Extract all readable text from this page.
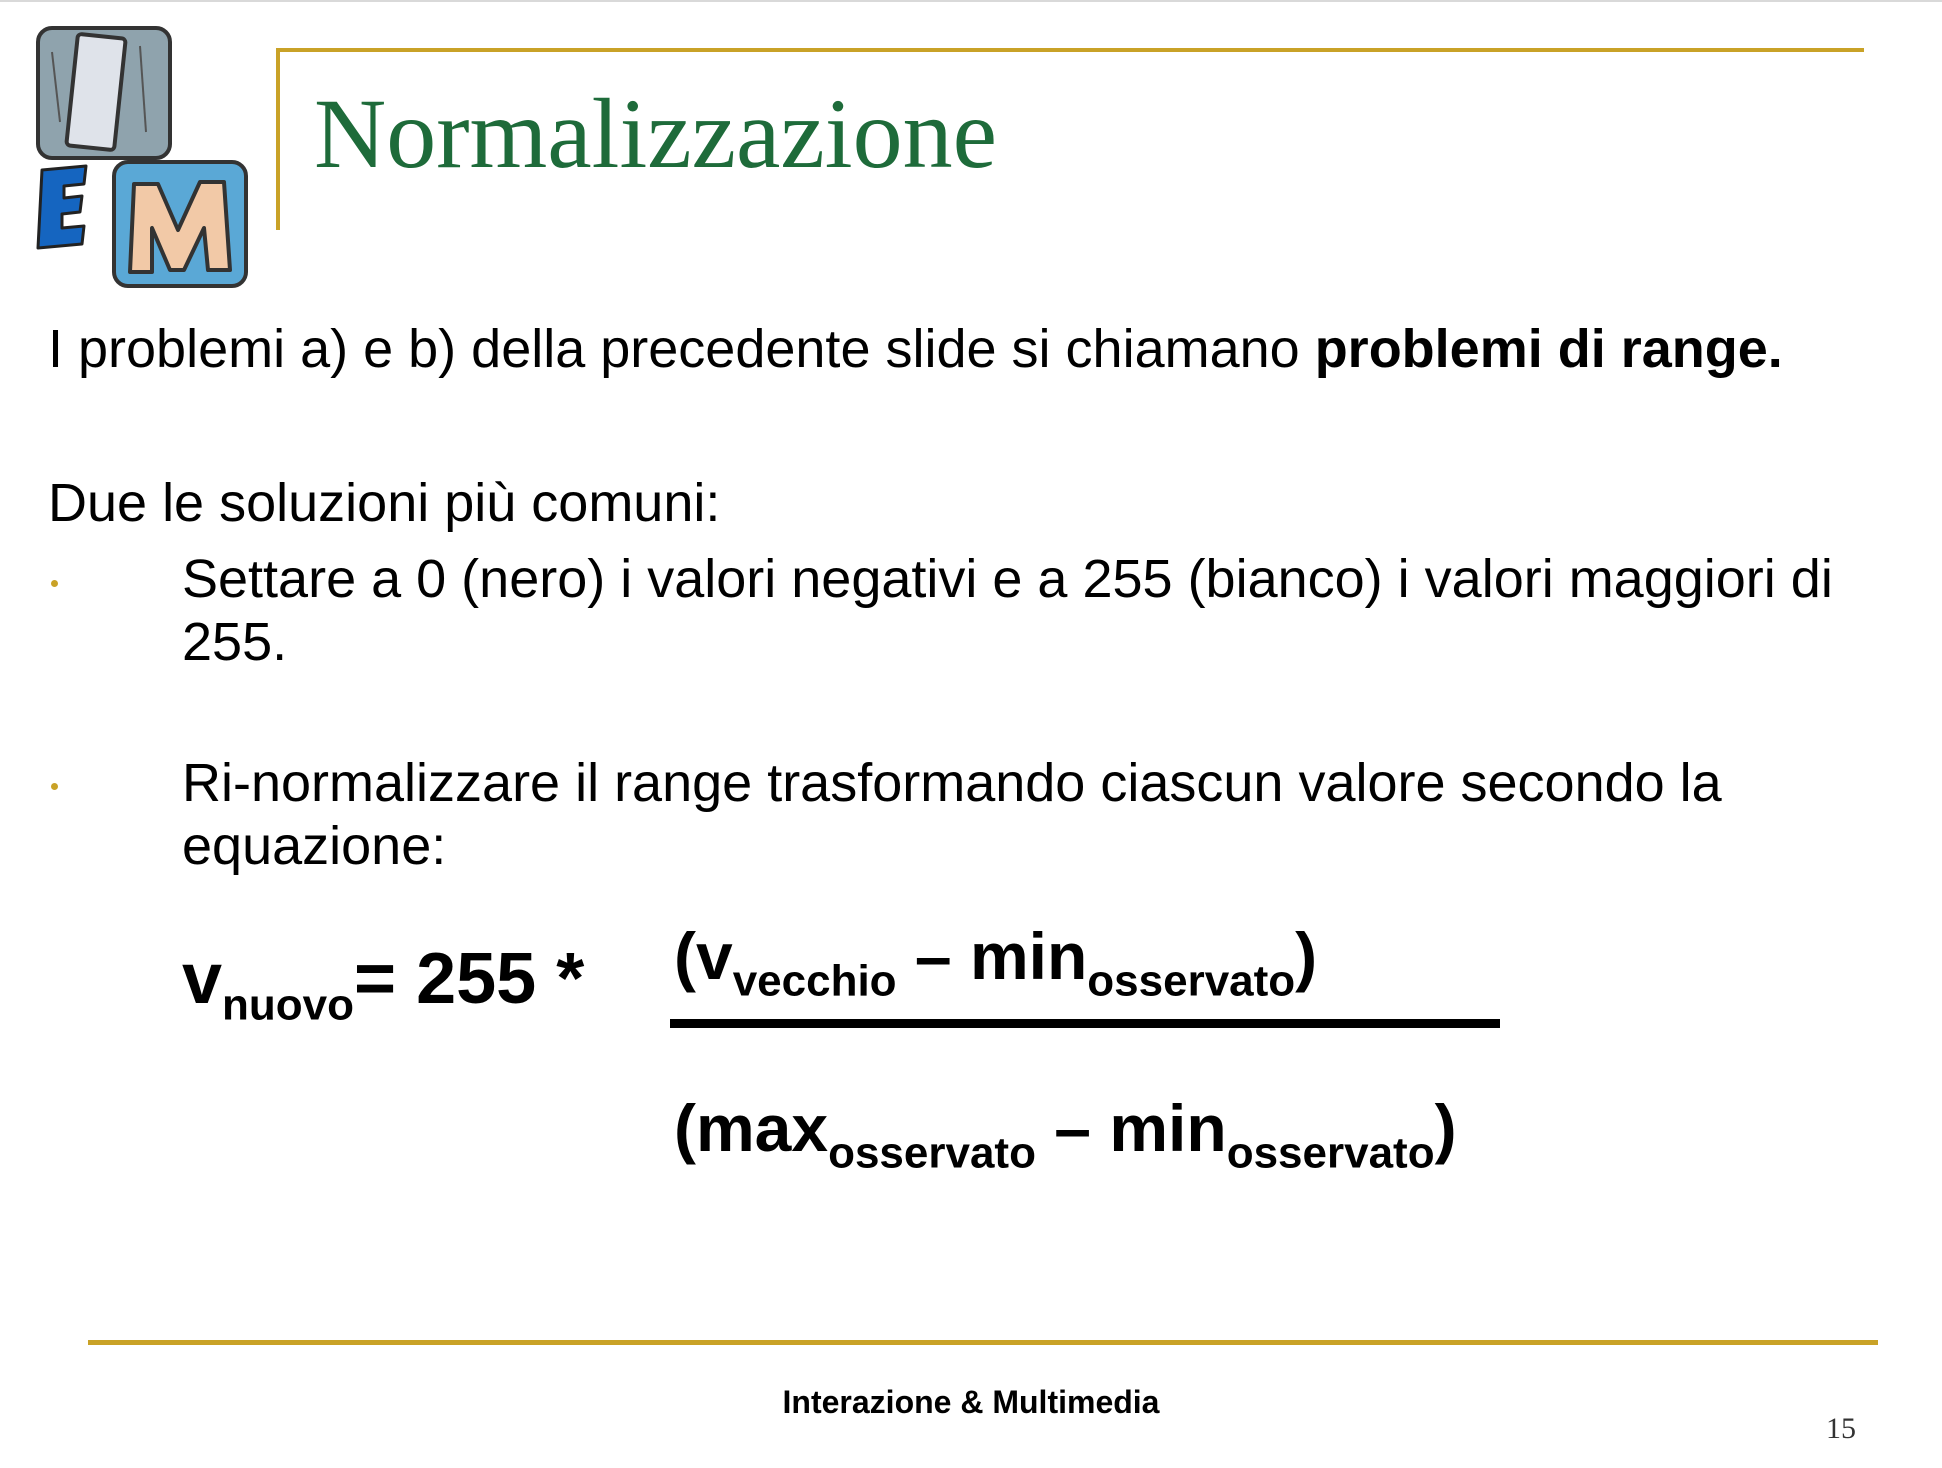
Normalizzazione
I problemi a) e b) della precedente slide si chiamano problemi di range.
Due le soluzioni più comuni:
Settare a 0 (nero) i valori negativi e a 255 (bianco) i valori maggiori di 255.
Ri-normalizzare il range trasformando ciascun valore secondo la equazione:
$v_{nuovo}= 255 * (v_{vecchio} - \min_{osservato})$
$(\max_{osservato} - \min_{osservato})$
Interazione & Multimedia
15
